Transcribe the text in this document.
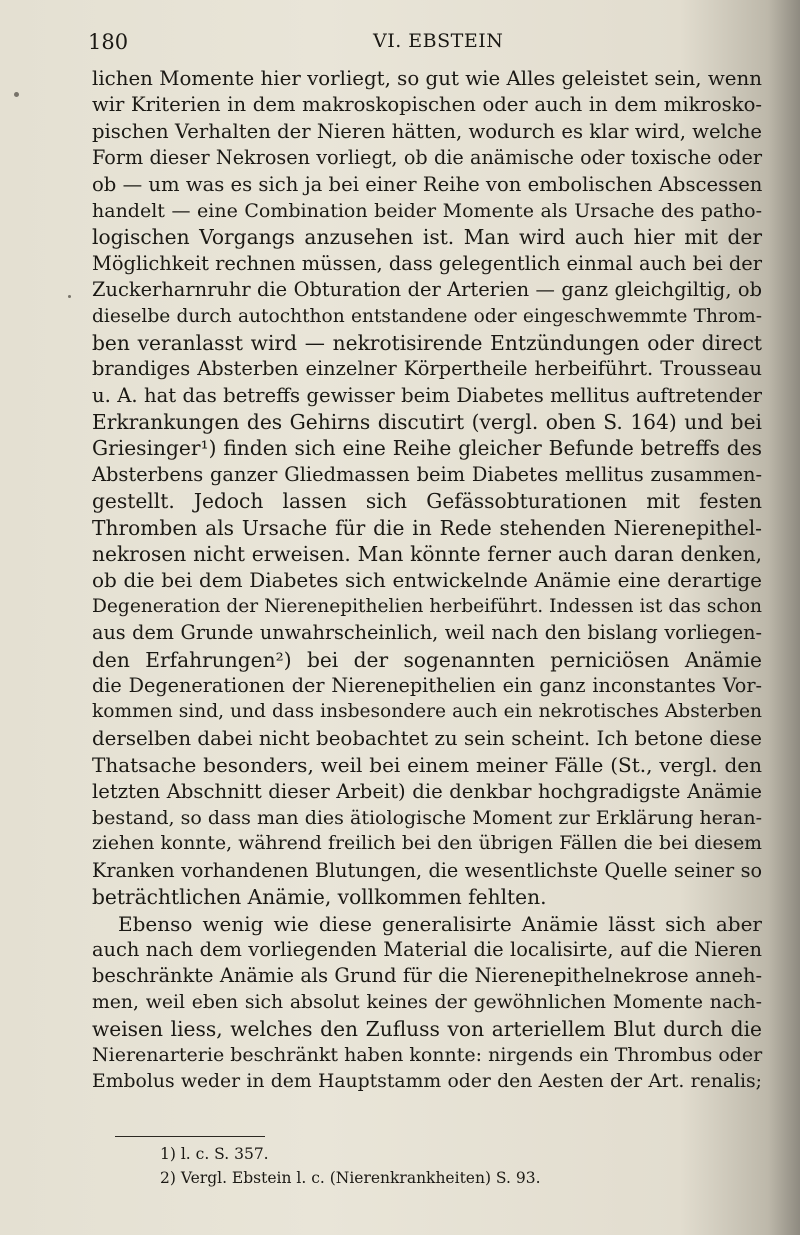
180	VI. EBSTEIN
lichen Momente hier vorliegt, so gut wie Alles geleistet sein, wenn
wir Kriterien in dem makroskopischen oder auch in dem mikrosko-
pischen Verhalten der Nieren hätten, wodurch es klar wird, welche
Form dieser Nekrosen vorliegt, ob die anämische oder toxische oder
ob — um was es sich ja bei einer Reihe von embolischen Abscessen
handelt — eine Combination beider Momente als Ursache des patho-
logischen Vorgangs anzusehen ist. Man wird auch hier mit der
Möglichkeit rechnen müssen, dass gelegentlich einmal auch bei der
Zuckerharnruhr die Obturation der Arterien — ganz gleichgiltig, ob
dieselbe durch autochthon entstandene oder eingeschwemmte Throm-
ben veranlasst wird — nekrotisirende Entzündungen oder direct
brandiges Absterben einzelner Körpertheile herbeiführt. Trousseau
u. A. hat das betreffs gewisser beim Diabetes mellitus auftretender
Erkrankungen des Gehirns discutirt (vergl. oben S. 164) und bei
Griesinger¹) finden sich eine Reihe gleicher Befunde betreffs des
Absterbens ganzer Gliedmassen beim Diabetes mellitus zusammen-
gestellt. Jedoch lassen sich Gefässobturationen mit festen
Thromben als Ursache für die in Rede stehenden Nierenepithel-
nekrosen nicht erweisen. Man könnte ferner auch daran denken,
ob die bei dem Diabetes sich entwickelnde Anämie eine derartige
Degeneration der Nierenepithelien herbeiführt. Indessen ist das schon
aus dem Grunde unwahrscheinlich, weil nach den bislang vorliegen-
den Erfahrungen²) bei der sogenannten perniciösen Anämie
die Degenerationen der Nierenepithelien ein ganz inconstantes Vor-
kommen sind, und dass insbesondere auch ein nekrotisches Absterben
derselben dabei nicht beobachtet zu sein scheint. Ich betone diese
Thatsache besonders, weil bei einem meiner Fälle (St., vergl. den
letzten Abschnitt dieser Arbeit) die denkbar hochgradigste Anämie
bestand, so dass man dies ätiologische Moment zur Erklärung heran-
ziehen konnte, während freilich bei den übrigen Fällen die bei diesem
Kranken vorhandenen Blutungen, die wesentlichste Quelle seiner so
beträchtlichen Anämie, vollkommen fehlten.
Ebenso wenig wie diese generalisirte Anämie lässt sich aber
auch nach dem vorliegenden Material die localisirte, auf die Nieren
beschränkte Anämie als Grund für die Nierenepithelnekrose anneh-
men, weil eben sich absolut keines der gewöhnlichen Momente nach-
weisen liess, welches den Zufluss von arteriellem Blut durch die
Nierenarterie beschränkt haben konnte: nirgends ein Thrombus oder
Embolus weder in dem Hauptstamm oder den Aesten der Art. renalis;
1) l. c. S. 357.
2) Vergl. Ebstein l. c. (Nierenkrankheiten) S. 93.
